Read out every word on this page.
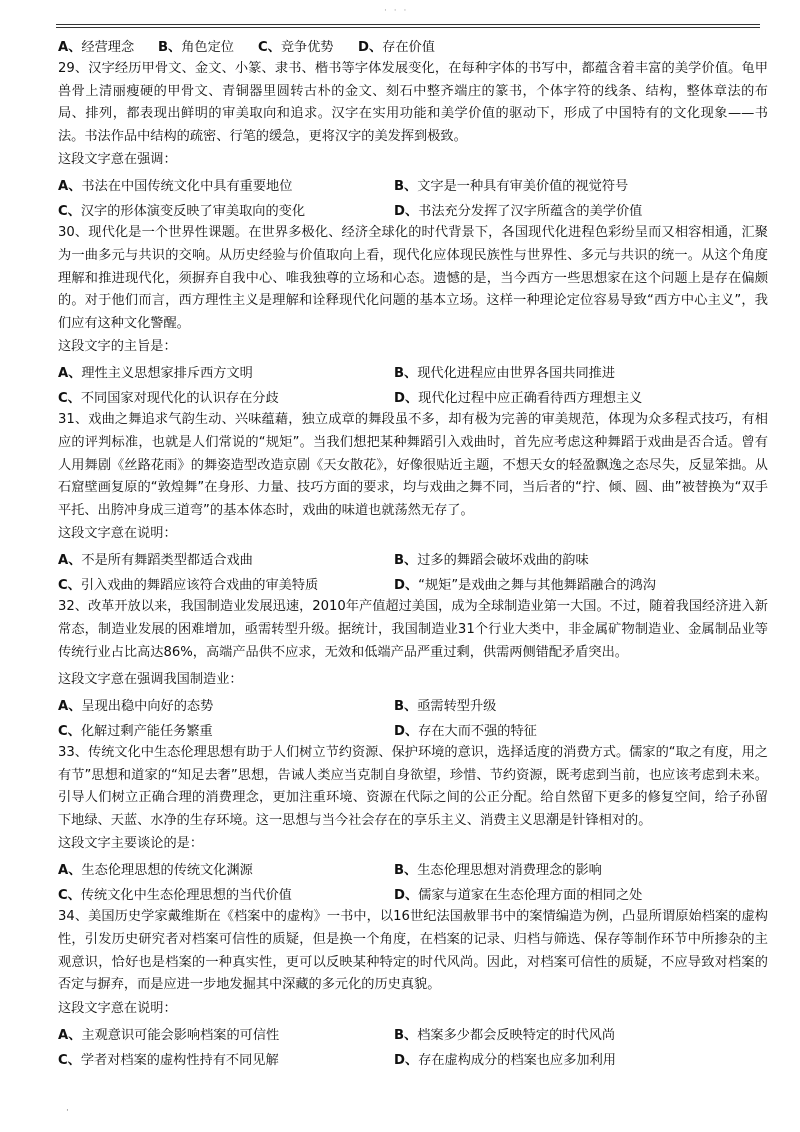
· · ·
A、 经营理念 B、 角色定位 C、 竞争优势 D、 存在价值

29、汉字经历甲骨文、金文、小篆、隶书、楷书等字体发展变化，在每种字体的书写中，都蕴含着丰富的美学价值。龟甲兽骨上清丽瘦硬的甲骨文、青铜器里圆转古朴的金文、刻石中整齐端庄的篆书，个体字符的线条、结构，整体章法的布局、排列，都表现出鲜明的审美取向和追求。汉字在实用功能和美学价值的驱动下，形成了中国特有的文化现象——书法。书法作品中结构的疏密、行笔的缓急，更将汉字的美发挥到极致。

这段文字意在强调：

A、 书法在中国传统文化中具有重要地位	B、 文字是一种具有审美价值的视觉符号
C、 汉字的形体演变反映了审美取向的变化	D、 书法充分发挥了汉字所蕴含的美学价值

30、现代化是一个世界性课题。在世界多极化、经济全球化的时代背景下，各国现代化进程色彩纷呈而又相容相通，汇聚为一曲多元与共识的交响。从历史经验与价值取向上看，现代化应体现民族性与世界性、多元与共识的统一。从这个角度理解和推进现代化，须摒弃自我中心、唯我独尊的立场和心态。遗憾的是，当今西方一些思想家在这个问题上是存在偏颇的。对于他们而言，西方理性主义是理解和诠释现代化问题的基本立场。这样一种理论定位容易导致“西方中心主义”，我们应有这种文化警醒。

这段文字的主旨是：

A、 理性主义思想家排斥西方文明	B、 现代化进程应由世界各国共同推进
C、 不同国家对现代化的认识存在分歧	D、 现代化过程中应正确看待西方理想主义

31、戏曲之舞追求气韵生动、兴味蕴藉，独立成章的舞段虽不多，却有极为完善的审美规范，体现为众多程式技巧，有相应的评判标准，也就是人们常说的“规矩”。当我们想把某种舞蹈引入戏曲时，首先应考虑这种舞蹈于戏曲是否合适。曾有人用舞剧《丝路花雨》的舞姿造型改造京剧《天女散花》，好像很贴近主题，不想天女的轻盈飘逸之态尽失，反显笨拙。从石窟壁画复原的“敦煌舞”在身形、力量、技巧方面的要求，均与戏曲之舞不同，当后者的“拧、倾、圆、曲”被替换为“双手平托、出胯冲身成三道弯”的基本体态时，戏曲的味道也就荡然无存了。

这段文字意在说明：

A、 不是所有舞蹈类型都适合戏曲	B、 过多的舞蹈会破坏戏曲的韵味
C、 引入戏曲的舞蹈应该符合戏曲的审美特质	D、 “规矩”是戏曲之舞与其他舞蹈融合的鸿沟

32、改革开放以来，我国制造业发展迅速，2010年产值超过美国，成为全球制造业第一大国。不过，随着我国经济进入新常态，制造业发展的困难增加，亟需转型升级。据统计，我国制造业31个行业大类中，非金属矿物制造业、金属制品业等传统行业占比高达86%，高端产品供不应求，无效和低端产品严重过剩，供需两侧错配矛盾突出。

这段文字意在强调我国制造业：

A、 呈现出稳中向好的态势	B、 亟需转型升级
C、 化解过剩产能任务繁重	D、 存在大而不强的特征

33、传统文化中生态伦理思想有助于人们树立节约资源、保护环境的意识，选择适度的消费方式。儒家的“取之有度，用之有节”思想和道家的“知足去奢”思想，告诫人类应当克制自身欲望，珍惜、节约资源，既考虑到当前，也应该考虑到未来。引导人们树立正确合理的消费理念，更加注重环境、资源在代际之间的公正分配。给自然留下更多的修复空间，给子孙留下地绿、天蓝、水净的生存环境。这一思想与当今社会存在的享乐主义、消费主义思潮是针锋相对的。

这段文字主要谈论的是：

A、 生态伦理思想的传统文化渊源	B、 生态伦理思想对消费理念的影响
C、 传统文化中生态伦理思想的当代价值	D、 儒家与道家在生态伦理方面的相同之处

34、美国历史学家戴维斯在《档案中的虚构》一书中，以16世纪法国赦罪书中的案情编造为例，凸显所谓原始档案的虚构性，引发历史研究者对档案可信性的质疑，但是换一个角度，在档案的记录、归档与筛选、保存等制作环节中所掺杂的主观意识，恰好也是档案的一种真实性，更可以反映某种特定的时代风尚。因此，对档案可信性的质疑，不应导致对档案的否定与摒弃，而是应进一步地发掘其中深藏的多元化的历史真貌。

这段文字意在说明：

A、 主观意识可能会影响档案的可信性	B、 档案多少都会反映特定的时代风尚
C、 学者对档案的虚构性持有不同见解	D、 存在虚构成分的档案也应多加利用
·
